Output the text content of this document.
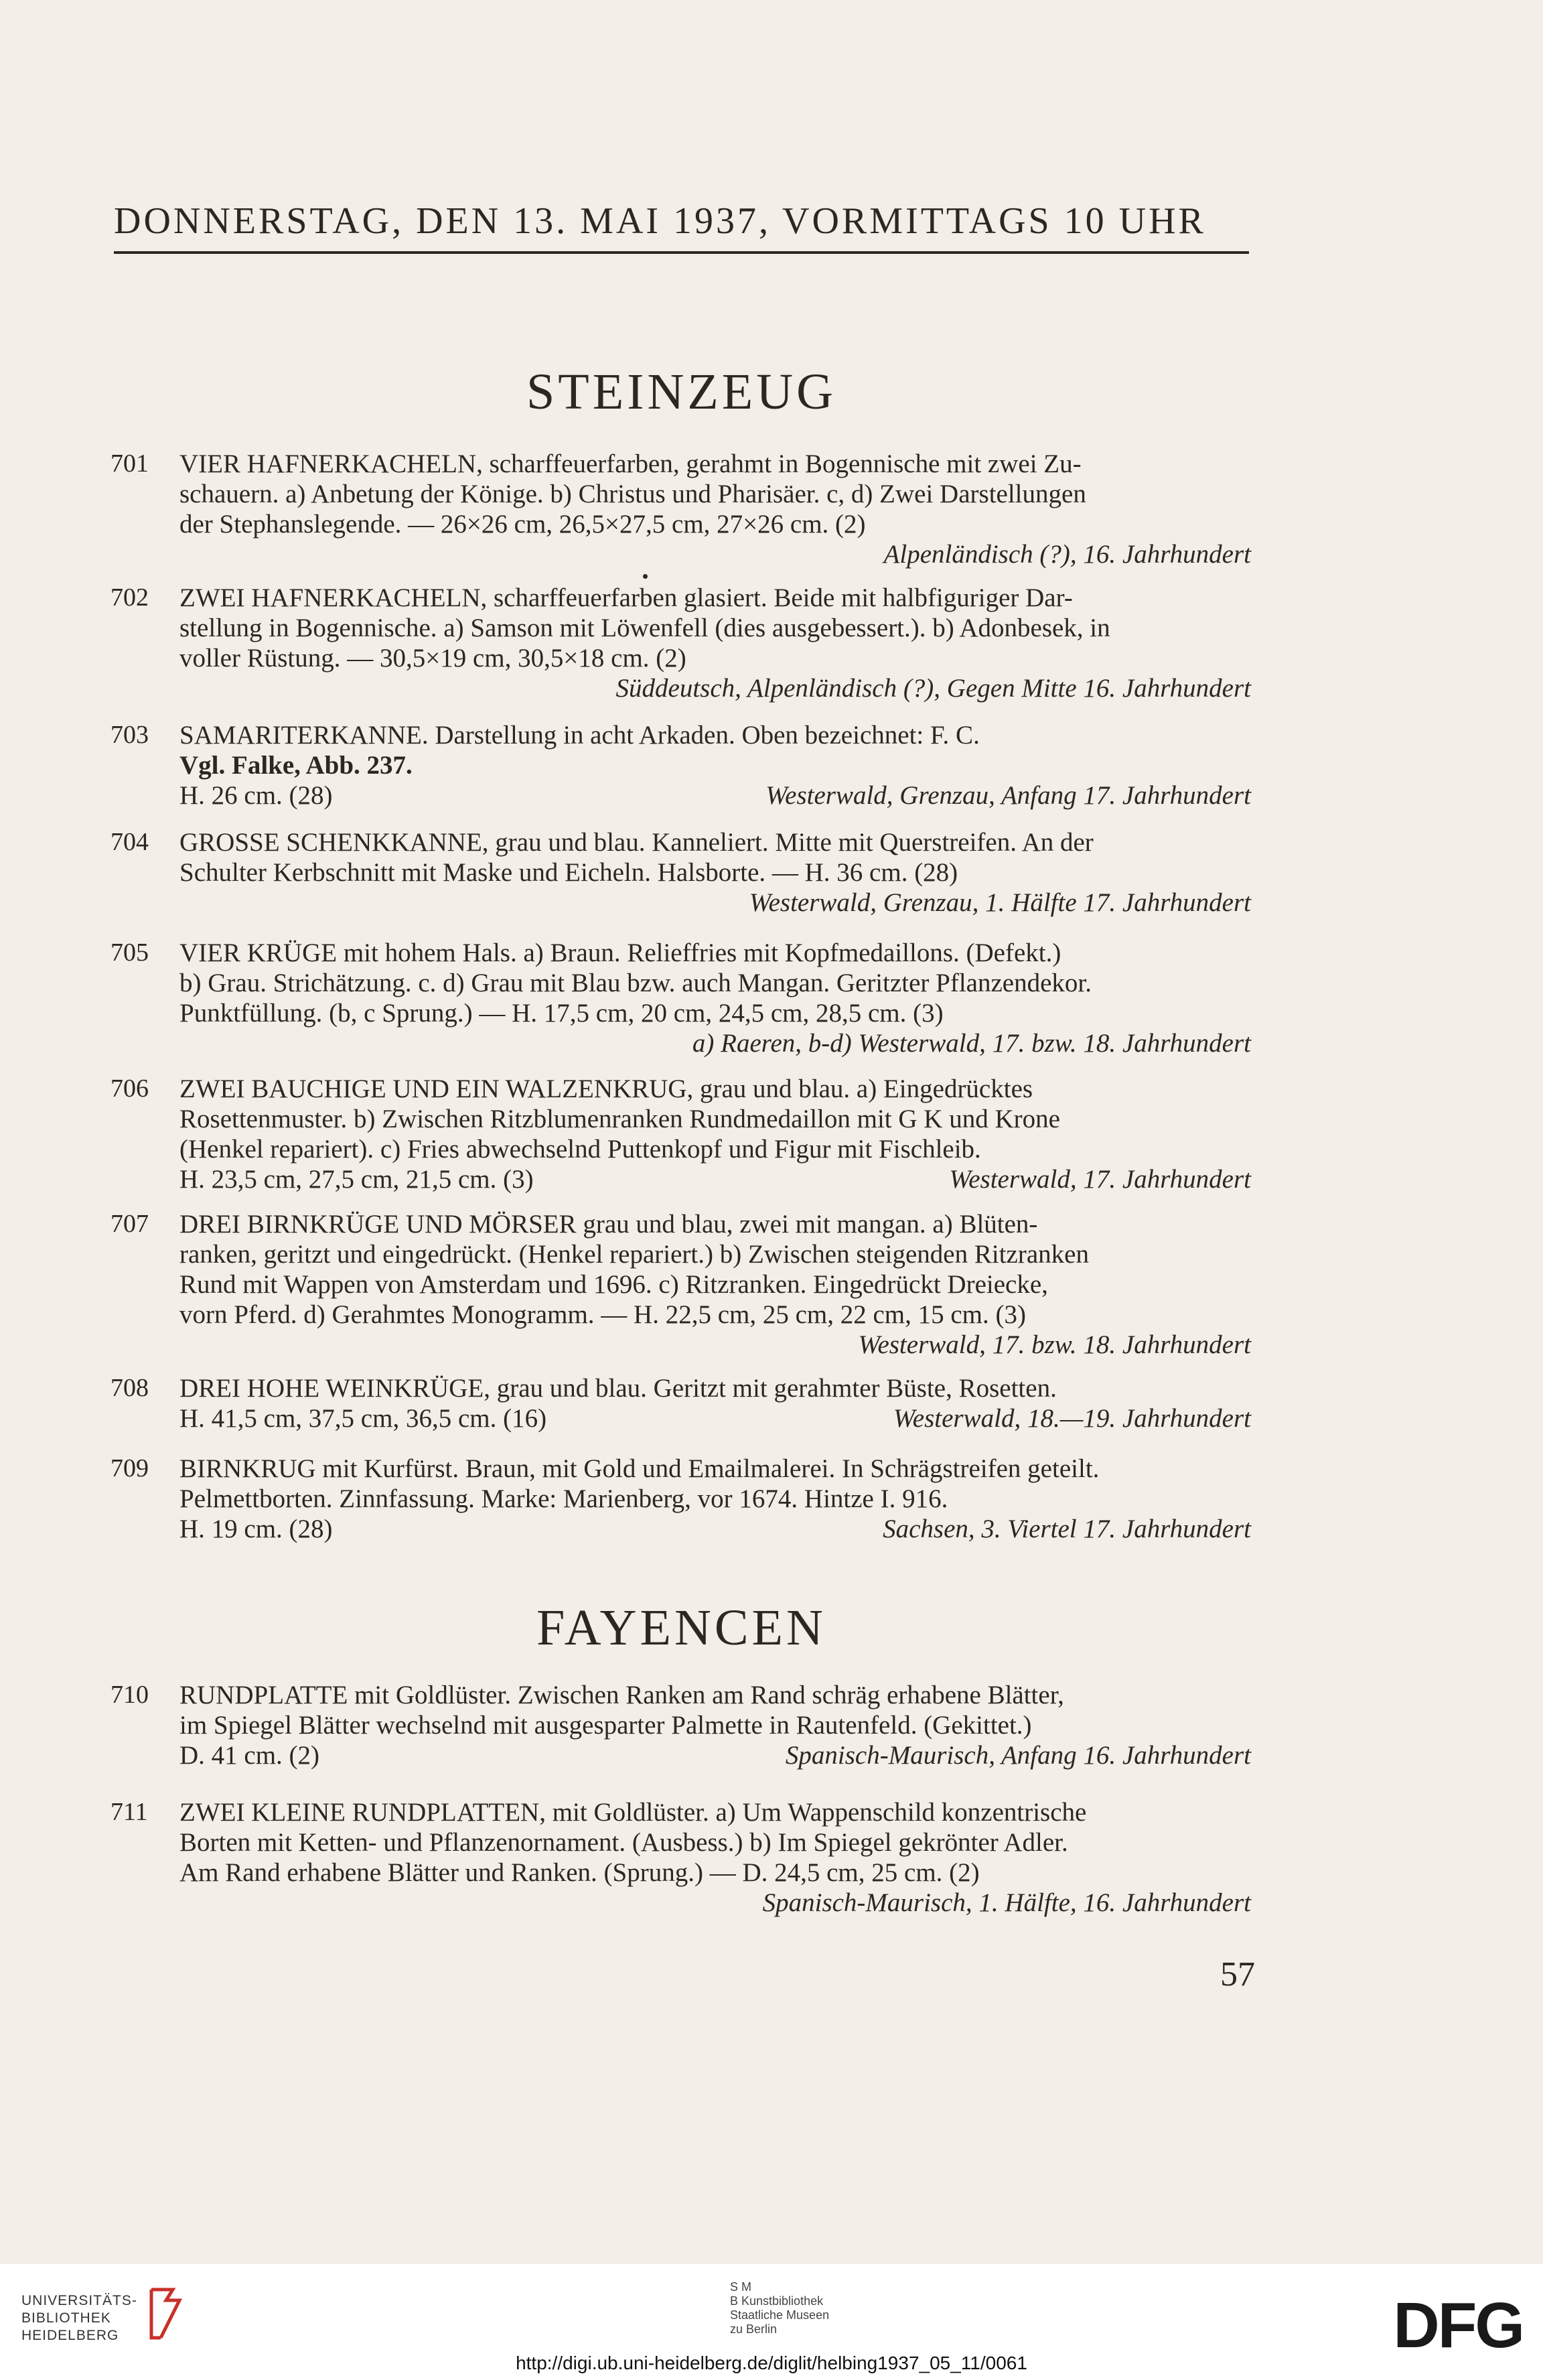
DONNERSTAG, DEN 13. MAI 1937, VORMITTAGS 10 UHR
STEINZEUG
701 VIER HAFNERKACHELN, scharffeuerfarben, gerahmt in Bogennische mit zwei Zu-
schauern. a) Anbetung der Könige. b) Christus und Pharisäer. c, d) Zwei Darstellungen
der Stephanslegende. — 26×26 cm, 26,5×27,5 cm, 27×26 cm. (2)
Alpenländisch (?), 16. Jahrhundert
702 ZWEI HAFNERKACHELN, scharffeuerfarben glasiert. Beide mit halbfiguriger Dar-
stellung in Bogennische. a) Samson mit Löwenfell (dies ausgebessert.). b) Adonbesek, in
voller Rüstung. — 30,5×19 cm, 30,5×18 cm. (2)
Süddeutsch, Alpenländisch (?), Gegen Mitte 16. Jahrhundert
703 SAMARITERKANNE. Darstellung in acht Arkaden. Oben bezeichnet: F. C.
Vgl. Falke, Abb. 237.
H. 26 cm. (28)	Westerwald, Grenzau, Anfang 17. Jahrhundert
704 GROSSE SCHENKKANNE, grau und blau. Kanneliert. Mitte mit Querstreifen. An der
Schulter Kerbschnitt mit Maske und Eicheln. Halsborte. — H. 36 cm. (28)
Westerwald, Grenzau, 1. Hälfte 17. Jahrhundert
705 VIER KRÜGE mit hohem Hals. a) Braun. Relieffries mit Kopfmedaillons. (Defekt.)
b) Grau. Strichätzung. c. d) Grau mit Blau bzw. auch Mangan. Geritzter Pflanzendekor.
Punktfüllung. (b, c Sprung.) — H. 17,5 cm, 20 cm, 24,5 cm, 28,5 cm. (3)
a) Raeren, b-d) Westerwald, 17. bzw. 18. Jahrhundert
706 ZWEI BAUCHIGE UND EIN WALZENKRUG, grau und blau. a) Eingedrücktes
Rosettenmuster. b) Zwischen Ritzblumenranken Rundmedaillon mit G K und Krone
(Henkel repariert). c) Fries abwechselnd Puttenkopf und Figur mit Fischleib.
H. 23,5 cm, 27,5 cm, 21,5 cm. (3)	Westerwald, 17. Jahrhundert
707 DREI BIRNKRÜGE UND MÖRSER grau und blau, zwei mit mangan. a) Blüten-
ranken, geritzt und eingedrückt. (Henkel repariert.) b) Zwischen steigenden Ritzranken
Rund mit Wappen von Amsterdam und 1696. c) Ritzranken. Eingedrückt Dreiecke,
vorn Pferd. d) Gerahmtes Monogramm. — H. 22,5 cm, 25 cm, 22 cm, 15 cm. (3)
Westerwald, 17. bzw. 18. Jahrhundert
708 DREI HOHE WEINKRÜGE, grau und blau. Geritzt mit gerahmter Büste, Rosetten.
H. 41,5 cm, 37,5 cm, 36,5 cm. (16)	Westerwald, 18.—19. Jahrhundert
709 BIRNKRUG mit Kurfürst. Braun, mit Gold und Emailmalerei. In Schrägstreifen geteilt.
Pelmettborten. Zinnfassung. Marke: Marienberg, vor 1674. Hintze I. 916.
H. 19 cm. (28)	Sachsen, 3. Viertel 17. Jahrhundert
FAYENCEN
710 RUNDPLATTE mit Goldlüster. Zwischen Ranken am Rand schräg erhabene Blätter,
im Spiegel Blätter wechselnd mit ausgesparter Palmette in Rautenfeld. (Gekittet.)
D. 41 cm. (2)	Spanisch-Maurisch, Anfang 16. Jahrhundert
711 ZWEI KLEINE RUNDPLATTEN, mit Goldlüster. a) Um Wappenschild konzentrische
Borten mit Ketten- und Pflanzenornament. (Ausbess.) b) Im Spiegel gekrönter Adler.
Am Rand erhabene Blätter und Ranken. (Sprung.) — D. 24,5 cm, 25 cm. (2)
Spanisch-Maurisch, 1. Hälfte, 16. Jahrhundert
57
UNIVERSITÄTS-
BIBLIOTHEK
HEIDELBERG
S M
B Kunstbibliothek
Staatliche Museen
zu Berlin	DFG
http://digi.ub.uni-heidelberg.de/diglit/helbing1937_05_11/0061
